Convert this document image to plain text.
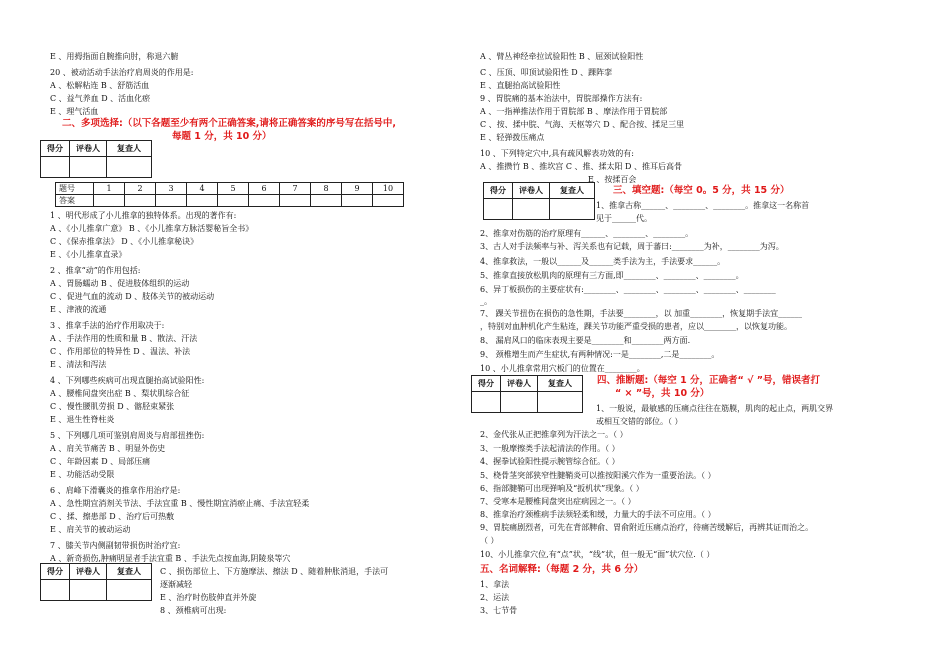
E 、用拇指面自腕推向肘，称退六腑
20 、被动活动手法治疗肩周炎的作用是:
A 、松解粘连 B 、舒筋活血
C 、益气养血 D 、活血化瘀
E 、理气活血
1 、明代形成了小儿推拿的独特体系。出现的著作有:
A 、《小儿推拿广意》 B 、《小儿推拿方脉活婴秘旨全书》
C 、《保赤推拿法》 D 、《小儿推拿秘诀》
E 、《小儿推拿直录》
2 、推拿“动”的作用包括:
A 、胃肠蠕动 B 、促进肢体组织的运动
C 、促进气血的流动 D 、肢体关节的被动运动
E 、津液的流通
3 、推拿手法的治疗作用取决于:
A 、手法作用的性质和量 B 、散法、汗法
C 、作用部位的特异性 D 、温法、补法
E 、清法和泻法
4 、下列哪些疾病可出现直腿抬高试验阳性:
A 、腰椎间盘突出症 B 、梨状肌综合征
C 、慢性腰肌劳损 D 、髂胫束紧张
E 、退生性脊柱炎
5 、下列哪几项可鉴别肩周炎与肩部扭挫伤:
A 、肩关节痛苦 B 、明显外伤史
C 、年龄因素 D 、局部压痛
E 、功能活动受限
6 、肩峰下滑囊炎的推拿作用治疗是:
A 、急性期宜消剂关节法、手法宜重 B 、慢性期宜消瘀止痛、手法宜轻柔
C 、揉、擦患部 D 、治疗后可热敷
E 、肩关节的被动运动
7 、膝关节内侧副韧带损伤时治疗宜:
A 、新奇损伤,肿痛明显者手法宜重 B 、手法先点按血海,阴陵泉等穴
C 、损伤部位上、下方施摩法、擦法 D 、随着肿胀消退，手法可
逐渐减轻
E 、治疗时伤肢伸直并外旋
8 、颈椎病可出现:
二、多项选择:（以下各题至少有两个正确答案,请将正确答案的序号写在括号中,
每题 1 分，共 10 分）
得分	评卷人	复查人

题号	1	2	3	4	5	6	7	8	9	10
答案										
得分	评卷人	复查人

A 、臂丛神经牵拉试验阳性 B 、屈颈试验阳性
C 、压顶、叩顶试验阳性 D 、踝阵挛
E 、直腿抬高试验阳性
9 、胃脘痛的基本治法中，胃脘部操作方法有:
A 、一指禅推法作用于胃脘部 B 、摩法作用于胃脘部
C 、按、揉中脘、气海、天枢等穴 D 、配合按、揉足三里
E 、轻弹拨压痛点
10 、下列特定穴中,具有疏风解表功效的有:
A 、推攒竹 B 、推坎宫 C 、推、揉太阳 D 、推耳后高骨
E 、按揉百会
1、推拿古称______、________、________。推拿这一名称首
见于______代。
2、推拿对伤筋的治疗原理有______、________、________。
3、古人对手法频率与补、泻关系也有记载，周于蕃曰:________为补，________为泻。
4、推拿救法，一般以______及______类手法为主，手法要求______。
5、推拿直接放松肌肉的原理有三方面,即________、________、________。
6、异丁板损伤的主要症状有:________、________、________、________、________
_。
7、 踝关节扭伤在损伤的急性期，手法要________，以 加重________，恢复期手法宜______
，特别对血肿机化产生粘连，踝关节功能严重受损的患者，应以________，以恢复功能。
8、 漏肩风口的临床表现主要是________和________两方面.
9、 颈椎增生而产生症状,有两种情况:一是________,二是________。
10 、小儿推拿常用穴板门的位置在________。
1、一般说，最敏感的压痛点往往在筋膜，肌肉的起止点，两肌交界
或相互交错的部位。（ ）
2、金代张从正把推拿列为汗法之一。（ ）
3、一般摩擦类手法起清法的作用。（ ）
4、握拳试验阳性提示腕管综合征。（ ）
5、桡骨茎突部狭窄性腱鞘炎可以推按阳溪穴作为一重要治法。（ ）
6、指部腱鞘可出现弹响及“扳机状”现象。（ ）
7、受寒本是腰椎间盘突出症病因之一。（ ）
8、推拿治疗颈椎病手法须轻柔和缓，力量大的手法不可应用。（ ）
9、胃脘痛剧烈者，可先在背部脾俞、胃俞附近压痛点治疗，待痛苦缓解后，再辨其证而治之。
（ ）
10、小儿推拿穴位,有“点”状，“线”状，但一般无“面”状穴位.（ ）
1、拿法
2、运法
3、七节骨
得分	评卷人	复查人
			三、填空题:（每空 0。5 分，共 15 分）
得分	评卷人	复查人
			四、推断题:（每空 1 分，正确者“ √ ”号，错误者打
“ × ”号，共 10 分）
五、名词解释:（每题 2 分，共 6 分）
